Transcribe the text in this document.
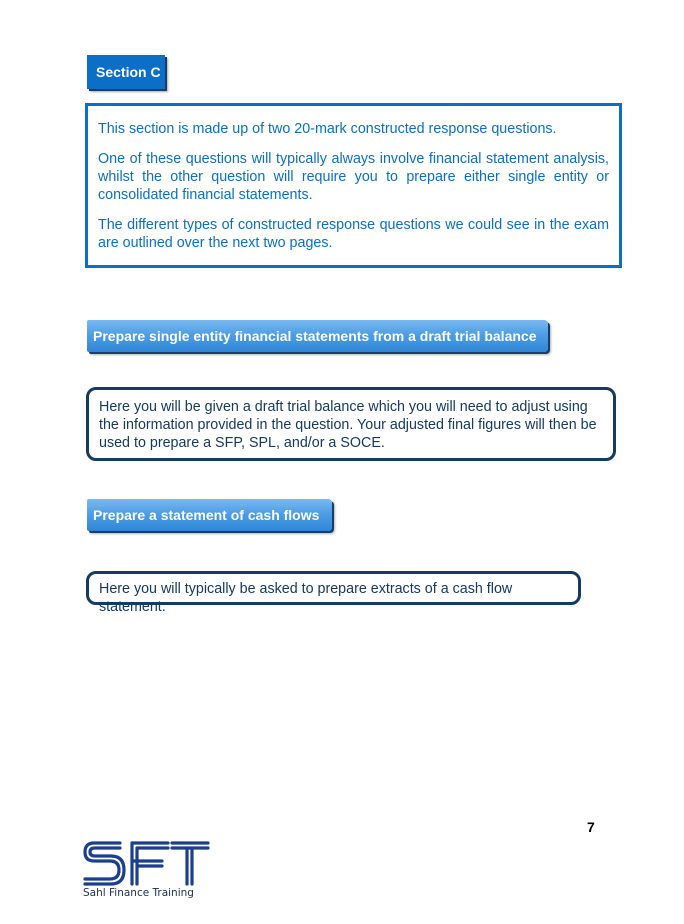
Section C

This section is made up of two 20-mark constructed response questions.

One of these questions will typically always involve financial statement analysis, whilst the other question will require you to prepare either single entity or consolidated financial statements.

The different types of constructed response questions we could see in the exam are outlined over the next two pages.

Prepare single entity financial statements from a draft trial balance
Here you will be given a draft trial balance which you will need to adjust using the information provided in the question. Your adjusted final figures will then be used to prepare a SFP, SPL, and/or a SOCE.
Prepare a statement of cash flows
Here you will typically be asked to prepare extracts of a cash flow statement.
7
Sahl Finance Training
